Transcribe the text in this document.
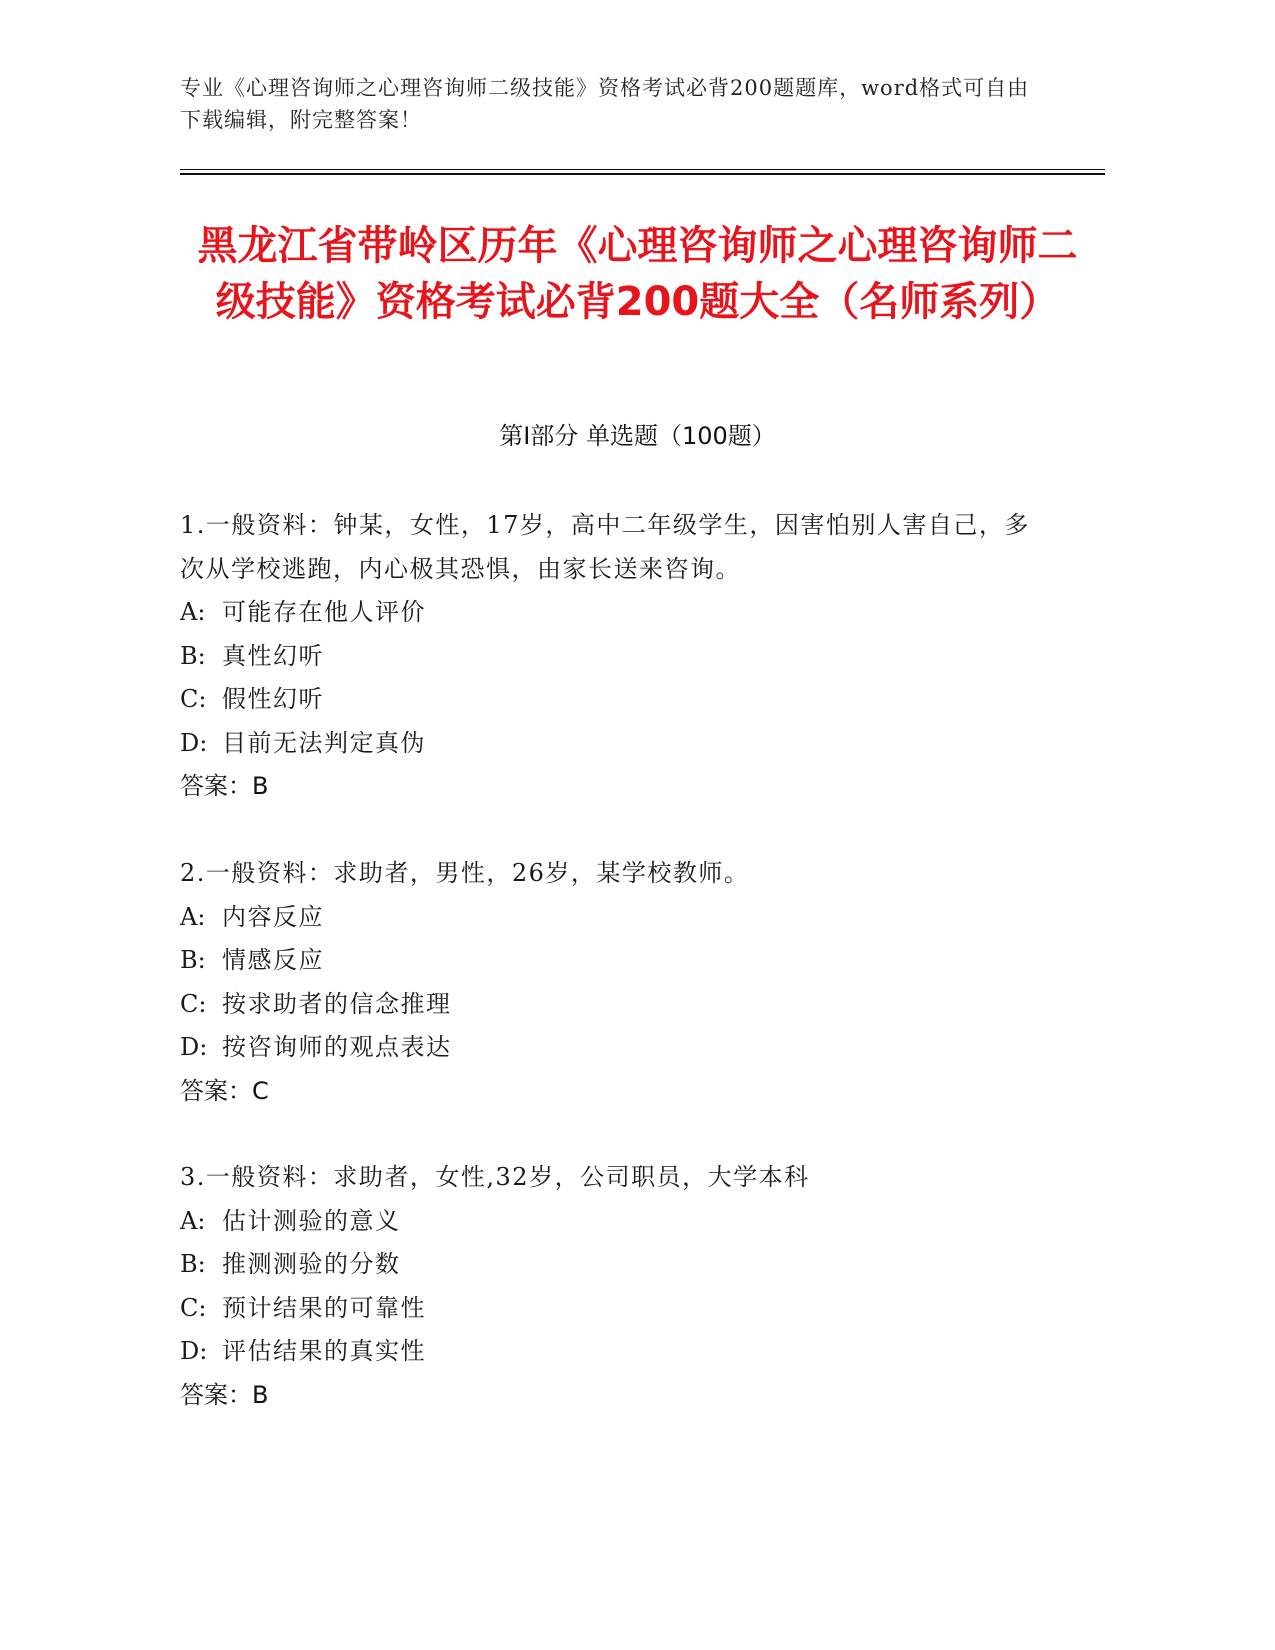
专业《心理咨询师之心理咨询师二级技能》资格考试必背200题题库，word格式可自由下载编辑，附完整答案！
黑龙江省带岭区历年《心理咨询师之心理咨询师二级技能》资格考试必背200题大全（名师系列）
第Ⅰ部分 单选题（100题）

1.一般资料：钟某，女性，17岁，高中二年级学生，因害怕别人害自己，多次从学校逃跑，内心极其恐惧，由家长送来咨询。

A: 可能存在他人评价

B: 真性幻听

C: 假性幻听

D: 目前无法判定真伪

答案：B

2.一般资料：求助者，男性，26岁，某学校教师。

A: 内容反应

B: 情感反应

C: 按求助者的信念推理

D: 按咨询师的观点表达

答案：C

3.一般资料：求助者，女性,32岁，公司职员，大学本科

A: 估计测验的意义

B: 推测测验的分数

C: 预计结果的可靠性

D: 评估结果的真实性

答案：B
